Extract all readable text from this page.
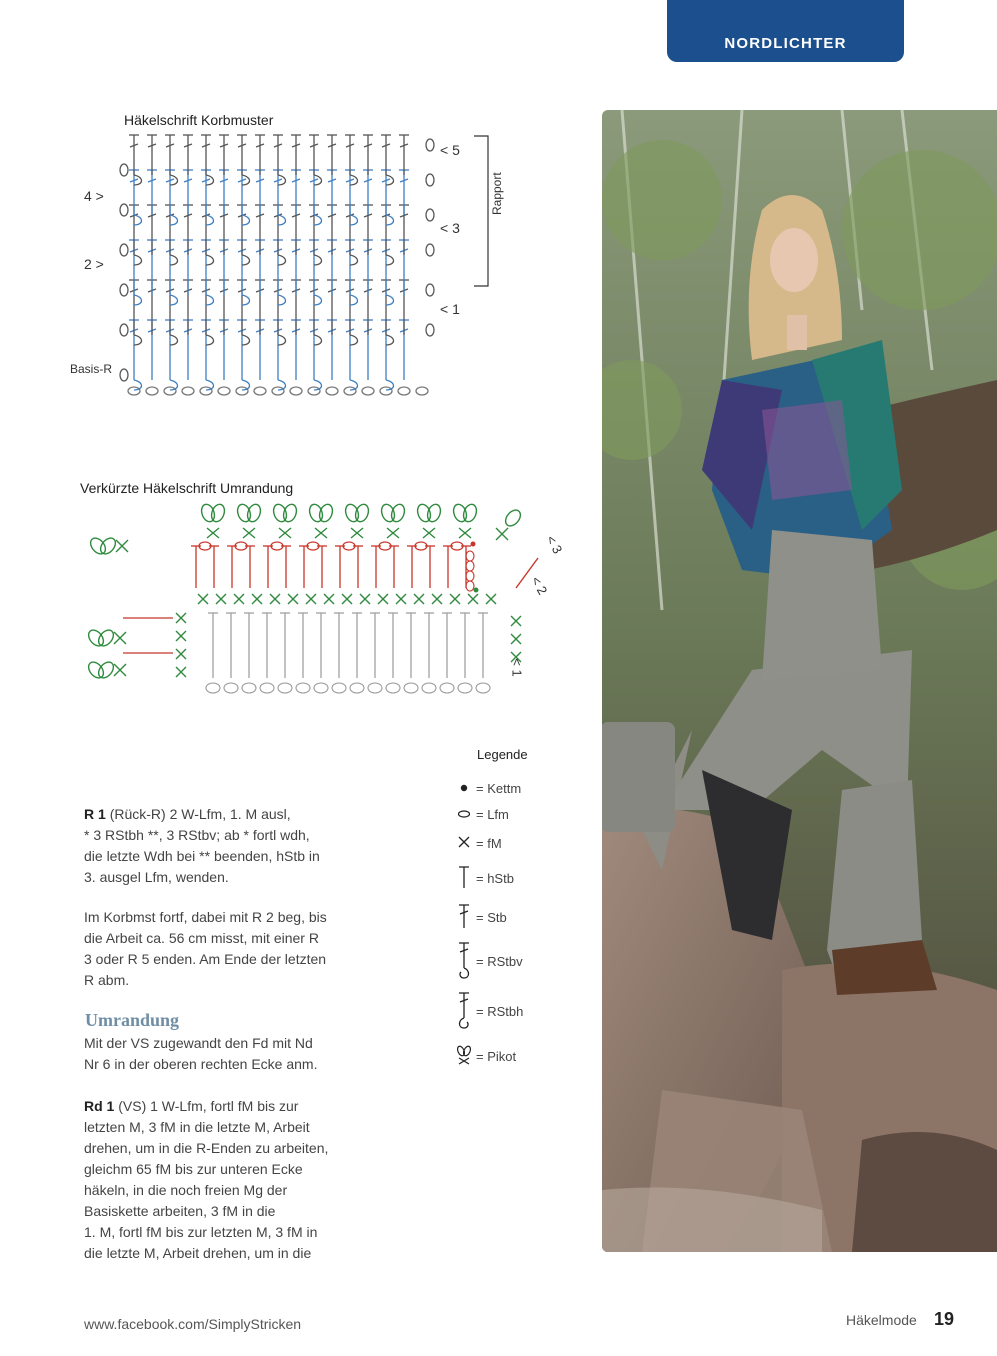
NORDLICHTER
Häkelschrift Korbmuster
4 >
2 >
Basis-R
< 5
< 3
< 1
Rapport
Verkürzte Häkelschrift Umrandung
< 3
< 2
< 1
Legende
= Kettm
= Lfm
= fM
= hStb
= Stb
= RStbv
= RStbh
= Pikot
R 1 (Rück-R) 2 W-Lfm, 1. M ausl,
* 3 RStbh **, 3 RStbv; ab * fortl wdh,
die letzte Wdh bei ** beenden, hStb in
3. ausgel Lfm, wenden.
Im Korbmst fortf, dabei mit R 2 beg, bis
die Arbeit ca. 56 cm misst, mit einer R
3 oder R 5 enden. Am Ende der letzten
R abm.
Umrandung
Mit der VS zugewandt den Fd mit Nd
Nr 6 in der oberen rechten Ecke anm.
Rd 1 (VS) 1 W-Lfm, fortl fM bis zur
letzten M, 3 fM in die letzte M, Arbeit
drehen, um in die R-Enden zu arbeiten,
gleichm 65 fM bis zur unteren Ecke
häkeln, in die noch freien Mg der
Basiskette arbeiten, 3 fM in die
1. M, fortl fM bis zur letzten M, 3 fM in
die letzte M, Arbeit drehen, um in die
www.facebook.com/SimplyStricken	Häkelmode 19
